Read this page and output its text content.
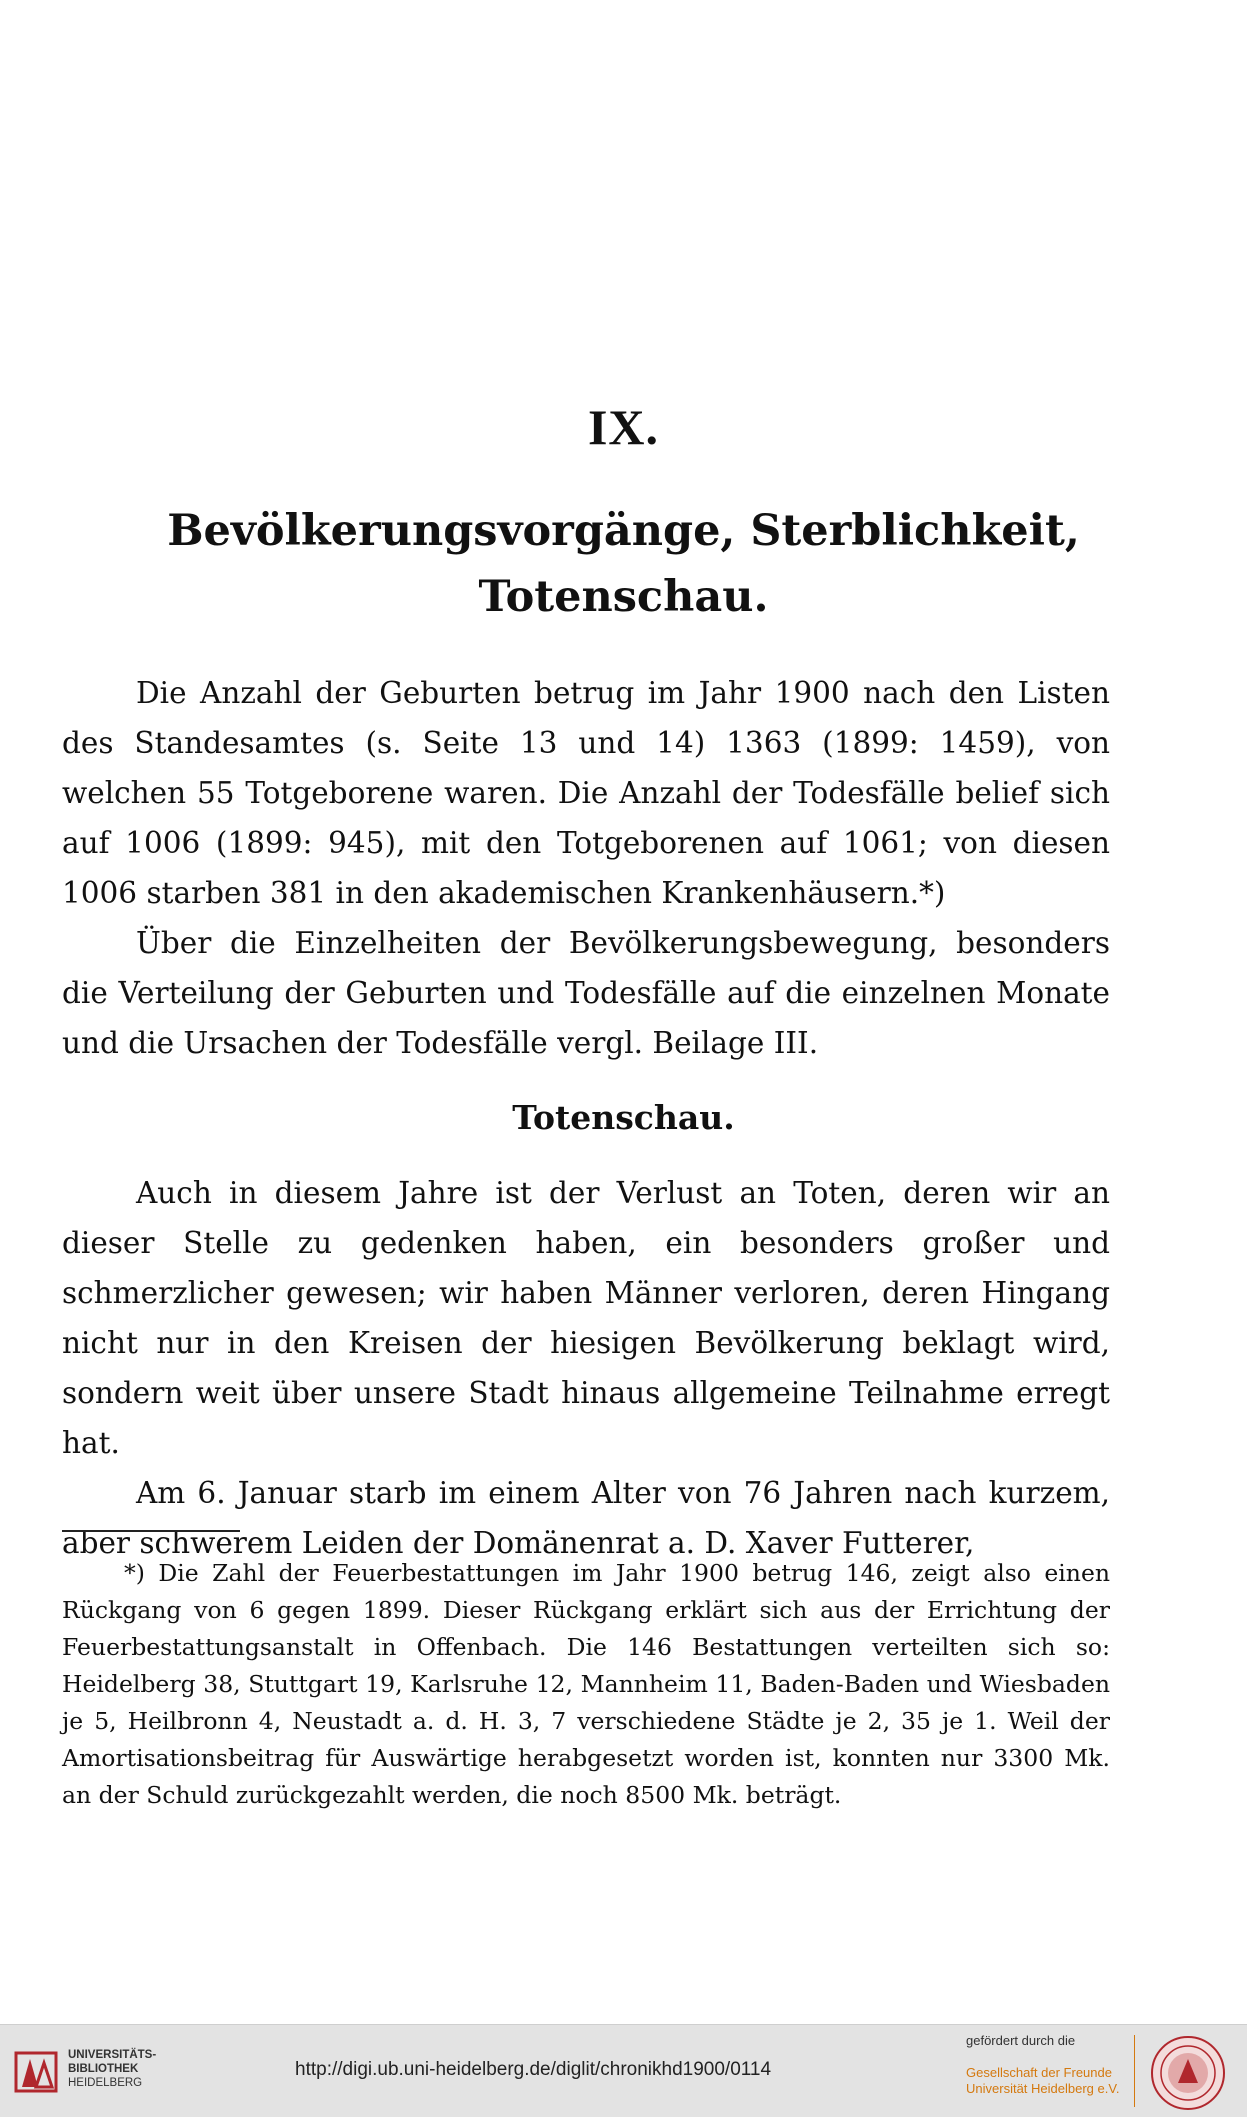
IX.
Bevölkerungsvorgänge, Sterblichkeit,
Totenschau.

Die Anzahl der Geburten betrug im Jahr 1900 nach den Listen des Standesamtes (s. Seite 13 und 14) 1363 (1899: 1459), von welchen 55 Totgeborene waren. Die Anzahl der Todesfälle belief sich auf 1006 (1899: 945), mit den Totgeborenen auf 1061; von diesen 1006 starben 381 in den akademischen Krankenhäusern.*)

Über die Einzelheiten der Bevölkerungsbewegung, besonders die Verteilung der Geburten und Todesfälle auf die einzelnen Monate und die Ursachen der Todesfälle vergl. Beilage III.

Totenschau.

Auch in diesem Jahre ist der Verlust an Toten, deren wir an dieser Stelle zu gedenken haben, ein besonders großer und schmerzlicher gewesen; wir haben Männer verloren, deren Hingang nicht nur in den Kreisen der hiesigen Bevölkerung beklagt wird, sondern weit über unsere Stadt hinaus allgemeine Teilnahme erregt hat.

Am 6. Januar starb im einem Alter von 76 Jahren nach kurzem, aber schwerem Leiden der Domänenrat a. D. Xaver Futterer,

*) Die Zahl der Feuerbestattungen im Jahr 1900 betrug 146, zeigt also einen Rückgang von 6 gegen 1899. Dieser Rückgang erklärt sich aus der Errichtung der Feuerbestattungsanstalt in Offenbach. Die 146 Bestattungen verteilten sich so: Heidelberg 38, Stuttgart 19, Karlsruhe 12, Mannheim 11, Baden-Baden und Wiesbaden je 5, Heilbronn 4, Neustadt a. d. H. 3, 7 verschiedene Städte je 2, 35 je 1. Weil der Amortisationsbeitrag für Auswärtige herabgesetzt worden ist, konnten nur 3300 Mk. an der Schuld zurückgezahlt werden, die noch 8500 Mk. beträgt.

UNIVERSITÄTS-
BIBLIOTHEK
HEIDELBERG
http://digi.ub.uni-heidelberg.de/diglit/chronikhd1900/0114
gefördert durch die
Gesellschaft der Freunde
Universität Heidelberg e.V.
